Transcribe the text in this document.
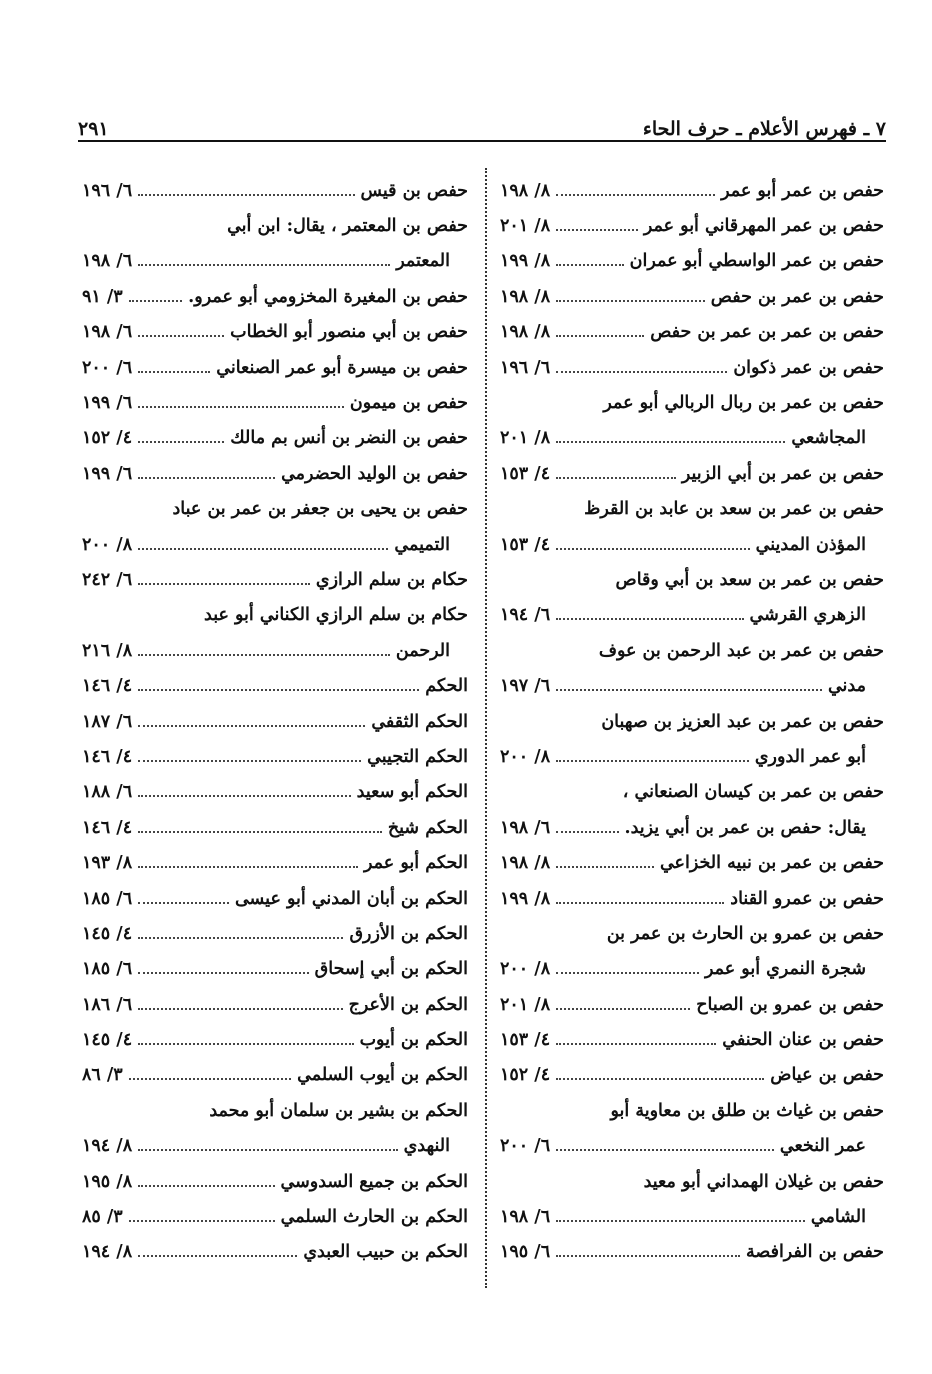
٧ ـ فهرس الأعلام ـ حرف الحاء
٢٩١
حفص بن عمر أبو عمر
٨/ ١٩٨
حفص بن عمر المهرقاني أبو عمر
٨/ ٢٠١
حفص بن عمر الواسطي أبو عمران
٨/ ١٩٩
حفص بن عمر بن حفص
٨/ ١٩٨
حفص بن عمر بن عمر بن حفص
٨/ ١٩٨
حفص بن عمر ذكوان
٦/ ١٩٦
حفص بن عمر بن ربال الربالي أبو عمر
المجاشعي
٨/ ٢٠١
حفص بن عمر بن أبي الزبير
٤/ ١٥٣
حفص بن عمر بن سعد بن عابد بن القرظ
المؤذن المديني
٤/ ١٥٣
حفص بن عمر بن سعد بن أبي وقاص
الزهري القرشي
٦/ ١٩٤
حفص بن عمر بن عبد الرحمن بن عوف
مدني
٦/ ١٩٧
حفص بن عمر بن عبد العزيز بن صهبان
أبو عمر الدوري
٨/ ٢٠٠
حفص بن عمر بن كيسان الصنعاني ،
يقال: حفص بن عمر بن أبي يزيد.
٦/ ١٩٨
حفص بن عمر بن نبيه الخزاعي
٨/ ١٩٨
حفص بن عمرو القناد
٨/ ١٩٩
حفص بن عمرو بن الحارث بن عمر بن
شجرة النمري أبو عمر
٨/ ٢٠٠
حفص بن عمرو بن الصباح
٨/ ٢٠١
حفص بن عنان الحنفي
٤/ ١٥٣
حفص بن عياض
٤/ ١٥٢
حفص بن غياث بن طلق بن معاوية أبو
عمر النخعي
٦/ ٢٠٠
حفص بن غيلان الهمداني أبو معيد
الشامي
٦/ ١٩٨
حفص بن الفرافصة
٦/ ١٩٥
حفص بن قيس
٦/ ١٩٦
حفص بن المعتمر ، يقال: ابن أبي
المعتمر
٦/ ١٩٨
حفص بن المغيرة المخزومي أبو عمرو.
٣/ ٩١
حفص بن أبي منصور أبو الخطاب
٦/ ١٩٨
حفص بن ميسرة أبو عمر الصنعاني
٦/ ٢٠٠
حفص بن ميمون
٦/ ١٩٩
حفص بن النضر بن أنس بم مالك
٤/ ١٥٢
حفص بن الوليد الحضرمي
٦/ ١٩٩
حفص بن يحيى بن جعفر بن عمر بن عباد
التميمي
٨/ ٢٠٠
حكام بن سلم الرازي
٦/ ٢٤٢
حكام بن سلم الرازي الكناني أبو عبد
الرحمن
٨/ ٢١٦
الحكم
٤/ ١٤٦
الحكم الثقفي
٦/ ١٨٧
الحكم التجيبي
٤/ ١٤٦
الحكم أبو سعيد
٦/ ١٨٨
الحكم شيخ
٤/ ١٤٦
الحكم أبو عمر
٨/ ١٩٣
الحكم بن أبان المدني أبو عيسى
٦/ ١٨٥
الحكم بن الأزرق
٤/ ١٤٥
الحكم بن أبي إسحاق
٦/ ١٨٥
الحكم بن الأعرج
٦/ ١٨٦
الحكم بن أيوب
٤/ ١٤٥
الحكم بن أيوب السلمي
٣/ ٨٦
الحكم بن بشير بن سلمان أبو محمد
النهدي
٨/ ١٩٤
الحكم بن جميع السدوسي
٨/ ١٩٥
الحكم بن الحارث السلمي
٣/ ٨٥
الحكم بن حبيب العبدي
٨/ ١٩٤
